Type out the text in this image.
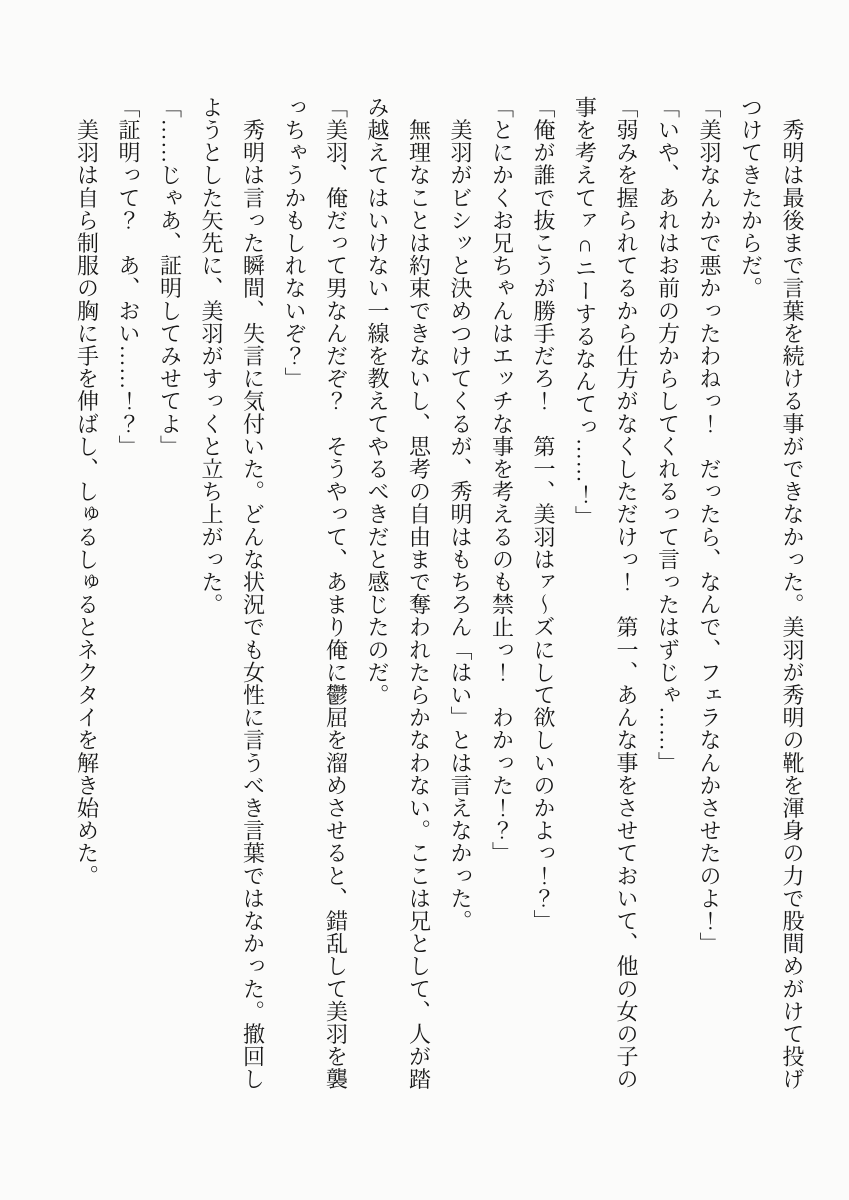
　秀明は最後まで言葉を続ける事ができなかった。美羽が秀明の靴を渾身の力で股間めがけて投げ
つけてきたからだ。
「美羽なんかで悪かったわねっ！　だったら、なんで、フェラなんかさせたのよ！」
「いや、あれはお前の方からしてくれるって言ったはずじゃ……」
「弱みを握られてるから仕方がなくしただけっ！　第一、あんな事をさせておいて、他の女の子の
事を考えてァ∩ニーするなんてっ……！」
「俺が誰で抜こうが勝手だろ！　第一、美羽はァ～ズにして欲しいのかよっ！？」
「とにかくお兄ちゃんはエッチな事を考えるのも禁止っ！　わかった！？」
　美羽がビシッと決めつけてくるが、秀明はもちろん「はい」とは言えなかった。
　無理なことは約束できないし、思考の自由まで奪われたらかなわない。ここは兄として、人が踏
み越えてはいけない一線を教えてやるべきだと感じたのだ。
「美羽、俺だって男なんだぞ？　そうやって、あまり俺に鬱屈を溜めさせると、錯乱して美羽を襲
っちゃうかもしれないぞ？」
　秀明は言った瞬間、失言に気付いた。どんな状況でも女性に言うべき言葉ではなかった。撤回し
ようとした矢先に、美羽がすっくと立ち上がった。
「……じゃあ、証明してみせてよ」
「証明って？　あ、おい……！？」
　美羽は自ら制服の胸に手を伸ばし、しゅるしゅるとネクタイを解き始めた。
